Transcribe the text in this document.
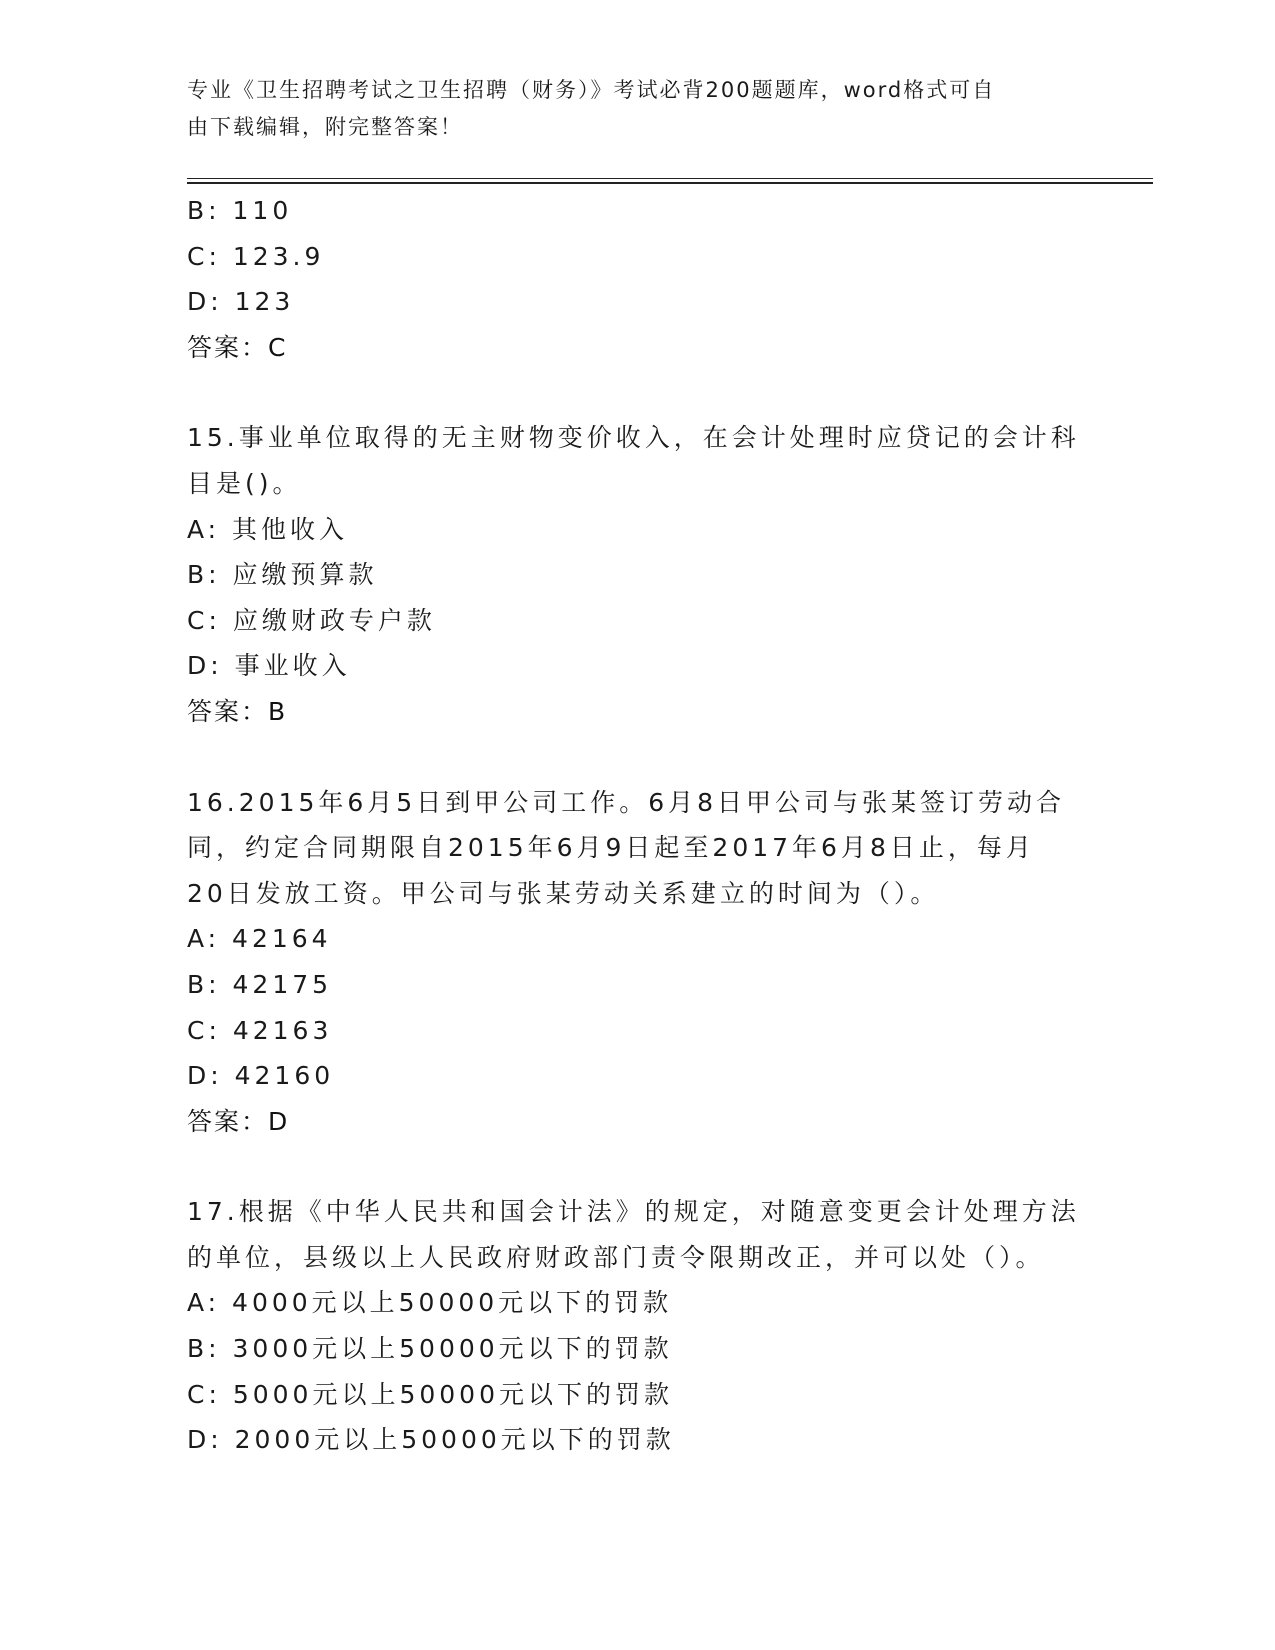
专业《卫生招聘考试之卫生招聘（财务）》考试必背200题题库，word格式可自
由下载编辑，附完整答案！
B: 110
C: 123.9
D: 123
答案：C
15.事业单位取得的无主财物变价收入，在会计处理时应贷记的会计科
目是()。
A: 其他收入
B: 应缴预算款
C: 应缴财政专户款
D: 事业收入
答案：B
16.2015年6月5日到甲公司工作。6月8日甲公司与张某签订劳动合
同，约定合同期限自2015年6月9日起至2017年6月8日止，每月
20日发放工资。甲公司与张某劳动关系建立的时间为（）。
A: 42164
B: 42175
C: 42163
D: 42160
答案：D
17.根据《中华人民共和国会计法》的规定，对随意变更会计处理方法
的单位，县级以上人民政府财政部门责令限期改正，并可以处（）。
A: 4000元以上50000元以下的罚款
B: 3000元以上50000元以下的罚款
C: 5000元以上50000元以下的罚款
D: 2000元以上50000元以下的罚款
